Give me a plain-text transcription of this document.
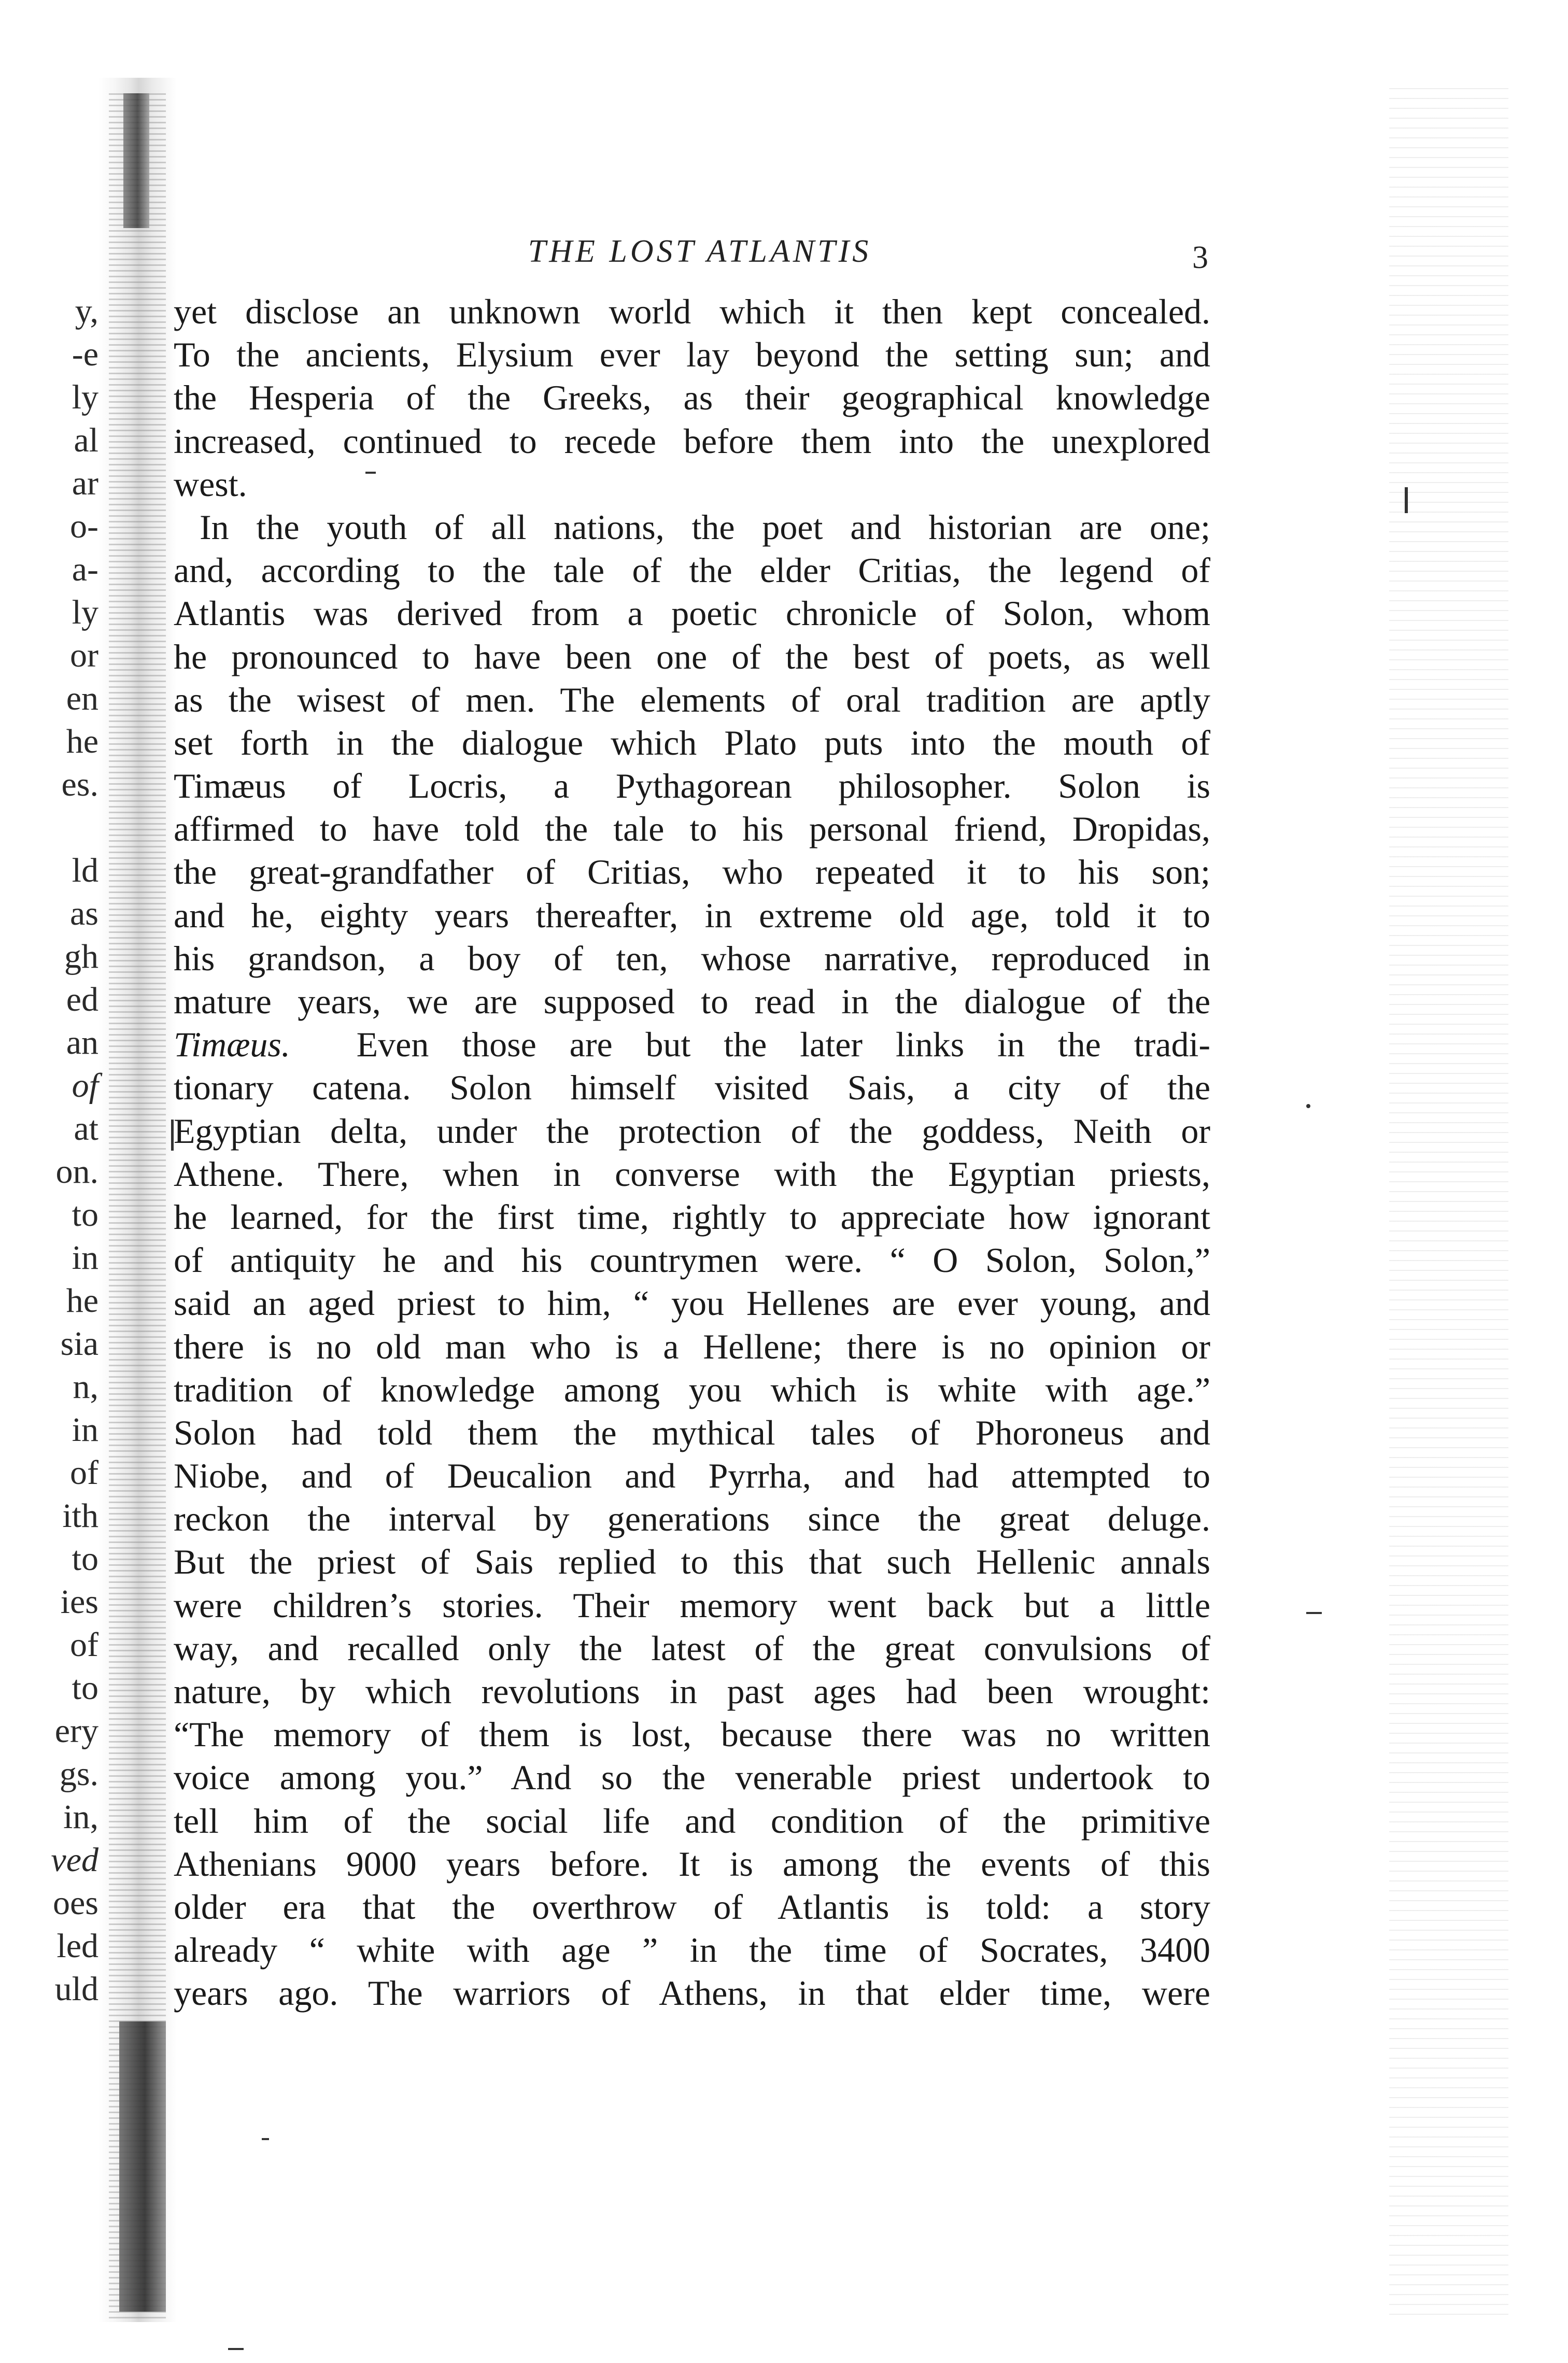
y,
-e
ly
al
ar
o-
a-
ly
or
en
he
es.
ld
as
gh
ed
an
of
at
on.
to
in
he
sia
n,
in
of
ith
to
ies
of
to
ery
gs.
in,
ved
oes
led
uld
THE LOST ATLANTIS	3
yet disclose an unknown world which it then kept concealed.
To the ancients, Elysium ever lay beyond the setting sun; and
the Hesperia of the Greeks, as their geographical knowledge
increased, continued to recede before them into the unexplored
west.
In the youth of all nations, the poet and historian are one;
and, according to the tale of the elder Critias, the legend of
Atlantis was derived from a poetic chronicle of Solon, whom
he pronounced to have been one of the best of poets, as well
as the wisest of men. The elements of oral tradition are aptly
set forth in the dialogue which Plato puts into the mouth of
Timæus of Locris, a Pythagorean philosopher. Solon is
affirmed to have told the tale to his personal friend, Dropidas,
the great-grandfather of Critias, who repeated it to his son;
and he, eighty years thereafter, in extreme old age, told it to
his grandson, a boy of ten, whose narrative, reproduced in
mature years, we are supposed to read in the dialogue of the
Timæus. Even those are but the later links in the tradi-
tionary catena. Solon himself visited Sais, a city of the
Egyptian delta, under the protection of the goddess, Neith or
Athene. There, when in converse with the Egyptian priests,
he learned, for the first time, rightly to appreciate how ignorant
of antiquity he and his countrymen were. “ O Solon, Solon,”
said an aged priest to him, “ you Hellenes are ever young, and
there is no old man who is a Hellene; there is no opinion or
tradition of knowledge among you which is white with age.”
Solon had told them the mythical tales of Phoroneus and
Niobe, and of Deucalion and Pyrrha, and had attempted to
reckon the interval by generations since the great deluge.
But the priest of Sais replied to this that such Hellenic annals
were children’s stories. Their memory went back but a little
way, and recalled only the latest of the great convulsions of
nature, by which revolutions in past ages had been wrought:
“The memory of them is lost, because there was no written
voice among you.” And so the venerable priest undertook to
tell him of the social life and condition of the primitive
Athenians 9000 years before. It is among the events of this
older era that the overthrow of Atlantis is told: a story
already “ white with age ” in the time of Socrates, 3400
years ago. The warriors of Athens, in that elder time, were
